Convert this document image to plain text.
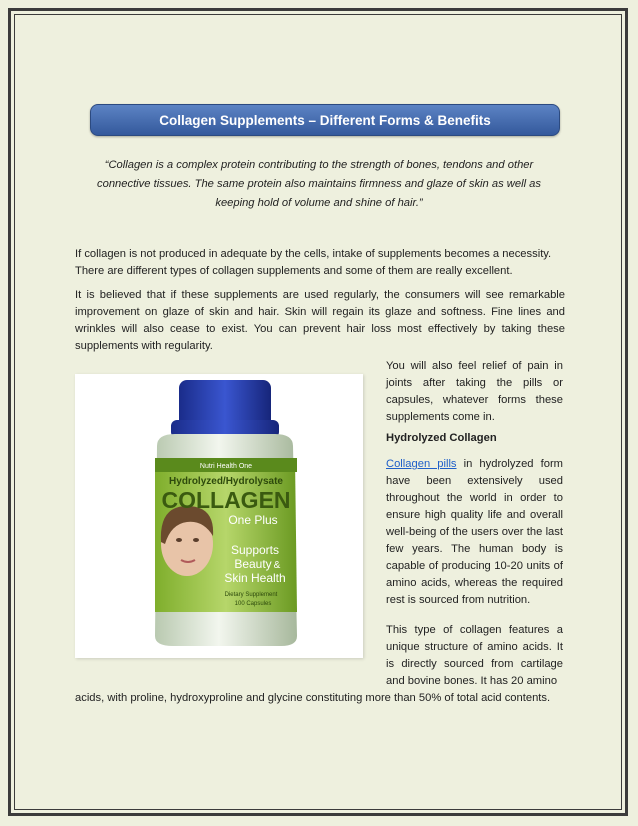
Collagen Supplements – Different Forms & Benefits
“Collagen is a complex protein contributing to the strength of bones, tendons and other connective tissues. The same protein also maintains firmness and glaze of skin as well as keeping hold of volume and shine of hair.”
If collagen is not produced in adequate by the cells, intake of supplements becomes a necessity. There are different types of collagen supplements and some of them are really excellent.
It is believed that if these supplements are used regularly, the consumers will see remarkable improvement on glaze of skin and hair. Skin will regain its glaze and softness. Fine lines and wrinkles will also cease to exist. You can prevent hair loss most effectively by taking these supplements with regularity.
Nutri Health One
Hydrolyzed/Hydrolysate
COLLAGEN
One Plus
Supports
Beauty &
Skin Health
Dietary Supplement
100 Capsules
You will also feel relief of pain in joints after taking the pills or capsules, whatever forms these supplements come in.
Hydrolyzed Collagen
Collagen pills in hydrolyzed form have been extensively used throughout the world in order to ensure high quality life and overall well-being of the users over the last few years. The human body is capable of producing 10-20 units of amino acids, whereas the required rest is sourced from nutrition.
This type of collagen features a unique structure of amino acids. It is directly sourced from cartilage and bovine bones. It has 20 amino
acids, with proline, hydroxyproline and glycine constituting more than 50% of total acid contents.
